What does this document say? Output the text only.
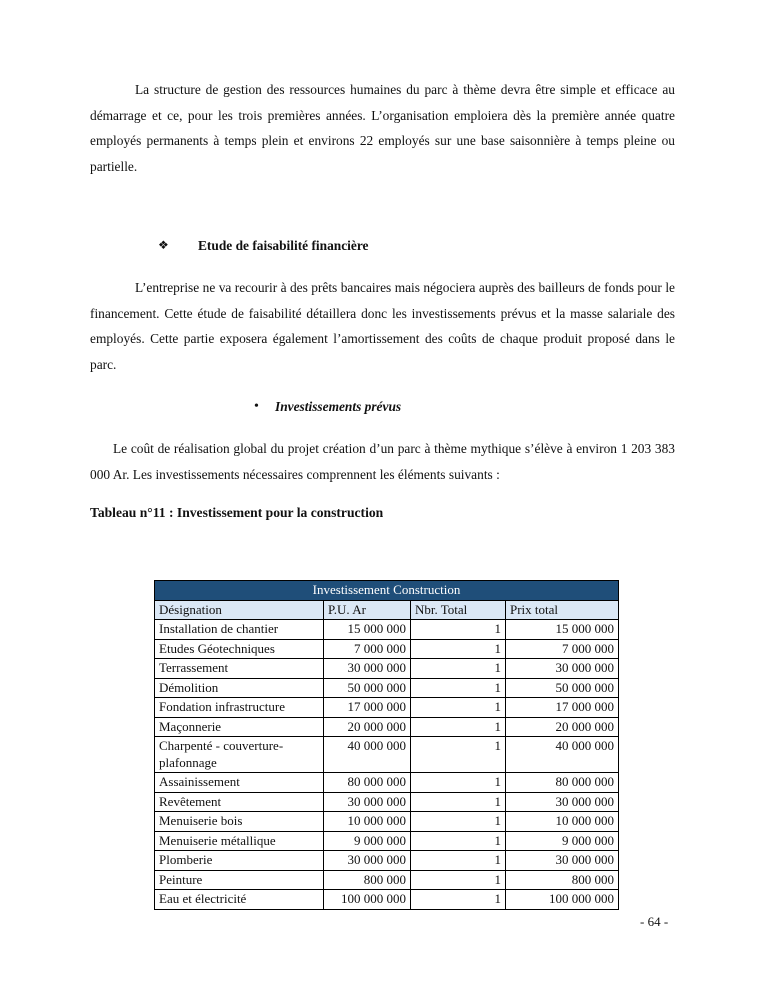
La structure de gestion des ressources humaines du parc à thème devra être simple et efficace au démarrage et ce, pour les trois premières années. L’organisation emploiera dès la première année quatre employés permanents à temps plein et environs 22 employés sur une base saisonnière à temps pleine ou partielle.

❖ Etude de faisabilité financière

L’entreprise ne va recourir à des prêts bancaires mais négociera auprès des bailleurs de fonds pour le financement. Cette étude de faisabilité détaillera donc les investissements prévus et la masse salariale des employés. Cette partie exposera également l’amortissement des coûts de chaque produit proposé dans le parc.

• Investissements prévus

Le coût de réalisation global du projet création d’un parc à thème mythique s’élève à environ 1 203 383 000 Ar. Les investissements nécessaires comprennent les éléments suivants :

Tableau n°11 : Investissement pour la construction
Investissement Construction			
Désignation	P.U. Ar	Nbr. Total	Prix total
Installation de chantier	15 000 000	1	15 000 000
Etudes Géotechniques	7 000 000	1	7 000 000
Terrassement	30 000 000	1	30 000 000
Démolition	50 000 000	1	50 000 000
Fondation infrastructure	17 000 000	1	17 000 000
Maçonnerie	20 000 000	1	20 000 000
Charpenté - couverture-plafonnage	40 000 000	1	40 000 000
Assainissement	80 000 000	1	80 000 000
Revêtement	30 000 000	1	30 000 000
Menuiserie bois	10 000 000	1	10 000 000
Menuiserie métallique	9 000 000	1	9 000 000
Plomberie	30 000 000	1	30 000 000
Peinture	800 000	1	800 000
Eau et électricité	100 000 000	1	100 000 000
- 64 -
